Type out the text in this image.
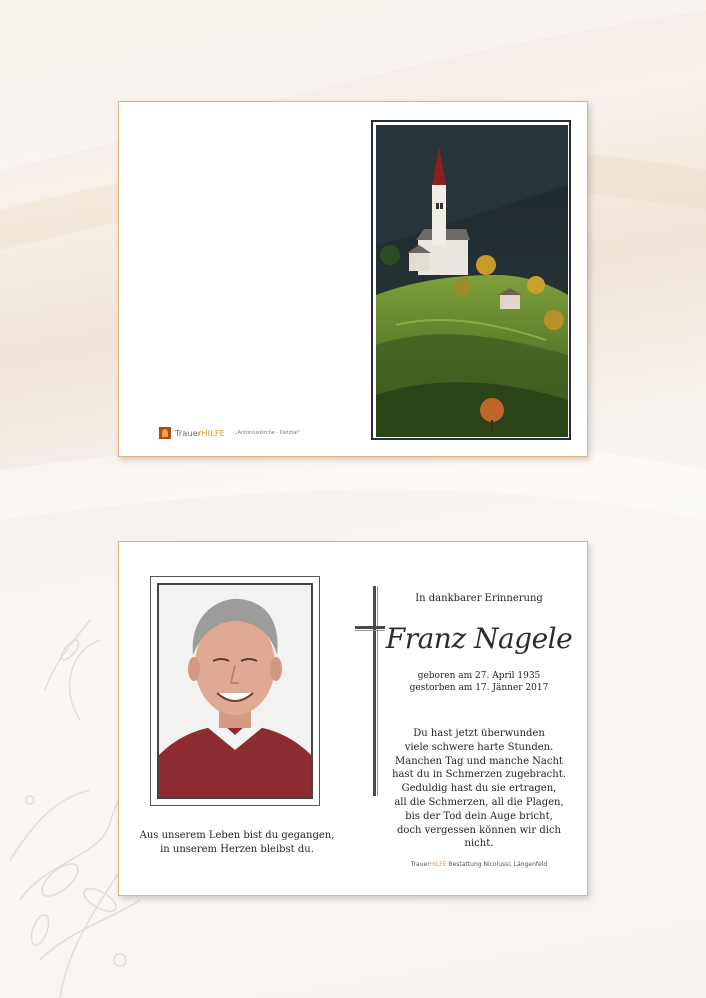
TrauerHILFE „Antoniuskirche - Oetztal“
Aus unserem Leben bist du gegangen,
in unserem Herzen bleibst du.
In dankbarer Erinnerung
Franz Nagele
geboren am 27. April 1935
gestorben am 17. Jänner 2017
Du hast jetzt überwunden
viele schwere harte Stunden.
Manchen Tag und manche Nacht
hast du in Schmerzen zugebracht.
Geduldig hast du sie ertragen,
all die Schmerzen, all die Plagen,
bis der Tod dein Auge bricht,
doch vergessen können wir dich nicht.
TrauerHILFE Bestattung Nicolussi, Längenfeld
